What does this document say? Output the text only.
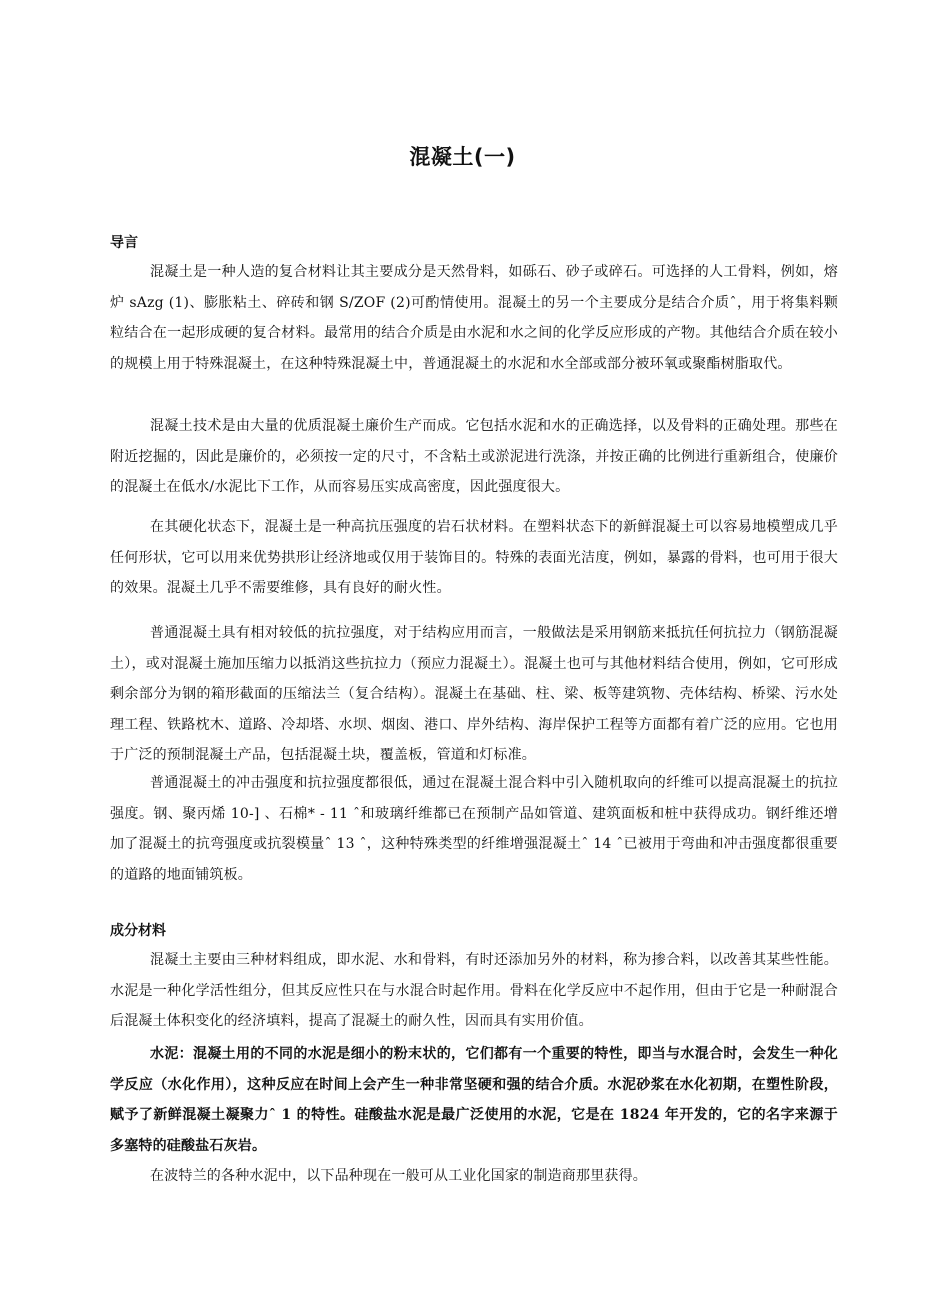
混凝土(一)
导言

混凝土是一种人造的复合材料让其主要成分是天然骨料，如砾石、砂子或碎石。可选择的人工骨料，例如，熔炉 sAzg (1)、膨胀粘土、碎砖和钢 S/ZOF (2)可酌情使用。混凝土的另一个主要成分是结合介质ˆ，用于将集料颗粒结合在一起形成硬的复合材料。最常用的结合介质是由水泥和水之间的化学反应形成的产物。其他结合介质在较小的规模上用于特殊混凝土，在这种特殊混凝土中，普通混凝土的水泥和水全部或部分被环氧或聚酯树脂取代。

混凝土技术是由大量的优质混凝土廉价生产而成。它包括水泥和水的正确选择，以及骨料的正确处理。那些在附近挖掘的，因此是廉价的，必须按一定的尺寸，不含粘土或淤泥进行洗涤，并按正确的比例进行重新组合，使廉价的混凝土在低水/水泥比下工作，从而容易压实成高密度，因此强度很大。

在其硬化状态下，混凝土是一种高抗压强度的岩石状材料。在塑料状态下的新鲜混凝土可以容易地模塑成几乎任何形状，它可以用来优势拱形让经济地或仅用于装饰目的。特殊的表面光洁度，例如，暴露的骨料，也可用于很大的效果。混凝土几乎不需要维修，具有良好的耐火性。

普通混凝土具有相对较低的抗拉强度，对于结构应用而言，一般做法是采用钢筋来抵抗任何抗拉力（钢筋混凝土），或对混凝土施加压缩力以抵消这些抗拉力（预应力混凝土）。混凝土也可与其他材料结合使用，例如，它可形成剩余部分为钢的箱形截面的压缩法兰（复合结构）。混凝土在基础、柱、梁、板等建筑物、壳体结构、桥梁、污水处理工程、铁路枕木、道路、冷却塔、水坝、烟囱、港口、岸外结构、海岸保护工程等方面都有着广泛的应用。它也用于广泛的预制混凝土产品，包括混凝土块，覆盖板，管道和灯标准。

普通混凝土的冲击强度和抗拉强度都很低，通过在混凝土混合料中引入随机取向的纤维可以提高混凝土的抗拉强度。钢、聚丙烯 10-] 、石棉* - 11 ˆ和玻璃纤维都已在预制产品如管道、建筑面板和桩中获得成功。钢纤维还增加了混凝土的抗弯强度或抗裂模量ˆ 13 ˆ，这种特殊类型的纤维增强混凝土ˆ 14 ˆ已被用于弯曲和冲击强度都很重要的道路的地面铺筑板。

成分材料

混凝土主要由三种材料组成，即水泥、水和骨料，有时还添加另外的材料，称为掺合料，以改善其某些性能。水泥是一种化学活性组分，但其反应性只在与水混合时起作用。骨料在化学反应中不起作用，但由于它是一种耐混合后混凝土体积变化的经济填料，提高了混凝土的耐久性，因而具有实用价值。

水泥：混凝土用的不同的水泥是细小的粉末状的，它们都有一个重要的特性，即当与水混合时，会发生一种化学反应（水化作用），这种反应在时间上会产生一种非常坚硬和强的结合介质。水泥砂浆在水化初期，在塑性阶段，赋予了新鲜混凝土凝聚力ˆ 1 的特性。硅酸盐水泥是最广泛使用的水泥，它是在 1824 年开发的，它的名字来源于多塞特的硅酸盐石灰岩。

在波特兰的各种水泥中，以下品种现在一般可从工业化国家的制造商那里获得。
